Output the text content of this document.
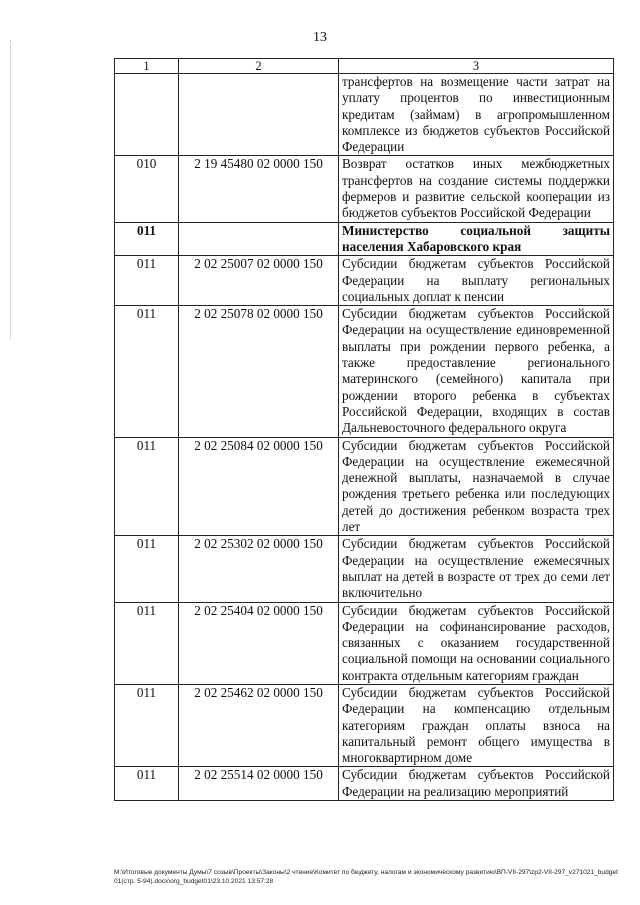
13
1	2	3
		трансфертов на возмещение части затрат на уплату процентов по инвестиционным кредитам (займам) в агропромышленном комплексе из бюджетов субъектов Российской Федерации
010	2 19 45480 02 0000 150	Возврат остатков иных межбюджетных трансфертов на создание системы поддержки фермеров и развитие сельской кооперации из бюджетов субъектов Российской Федерации
011		Министерство социальной защиты населения Хабаровского края
011	2 02 25007 02 0000 150	Субсидии бюджетам субъектов Российской Федерации на выплату региональных социальных доплат к пенсии
011	2 02 25078 02 0000 150	Субсидии бюджетам субъектов Российской Федерации на осуществление единовременной выплаты при рождении первого ребенка, а также предоставление регионального материнского (семейного) капитала при рождении второго ребенка в субъектах Российской Федерации, входящих в состав Дальневосточного федерального округа
011	2 02 25084 02 0000 150	Субсидии бюджетам субъектов Российской Федерации на осуществление ежемесячной денежной выплаты, назначаемой в случае рождения третьего ребенка или последующих детей до достижения ребенком возраста трех лет
011	2 02 25302 02 0000 150	Субсидии бюджетам субъектов Российской Федерации на осуществление ежемесячных выплат на детей в возрасте от трех до семи лет включительно
011	2 02 25404 02 0000 150	Субсидии бюджетам субъектов Российской Федерации на софинансирование расходов, связанных с оказанием государственной социальной помощи на основании социального контракта отдельным категориям граждан
011	2 02 25462 02 0000 150	Субсидии бюджетам субъектов Российской Федерации на компенсацию отдельным категориям граждан оплаты взноса на капитальный ремонт общего имущества в многоквартирном доме
011	2 02 25514 02 0000 150	Субсидии бюджетам субъектов Российской Федерации на реализацию мероприятий
M:\Итоговые документы Думы\7 созыв\Проекты\Законы\2 чтение\Комитет по бюджету, налогам и экономическому развитию\ВП-VII-297\zp2-VII-297_v271021_budget01(стр. 5-94).docx\org_budget01\23.10.2021 13:57:28
